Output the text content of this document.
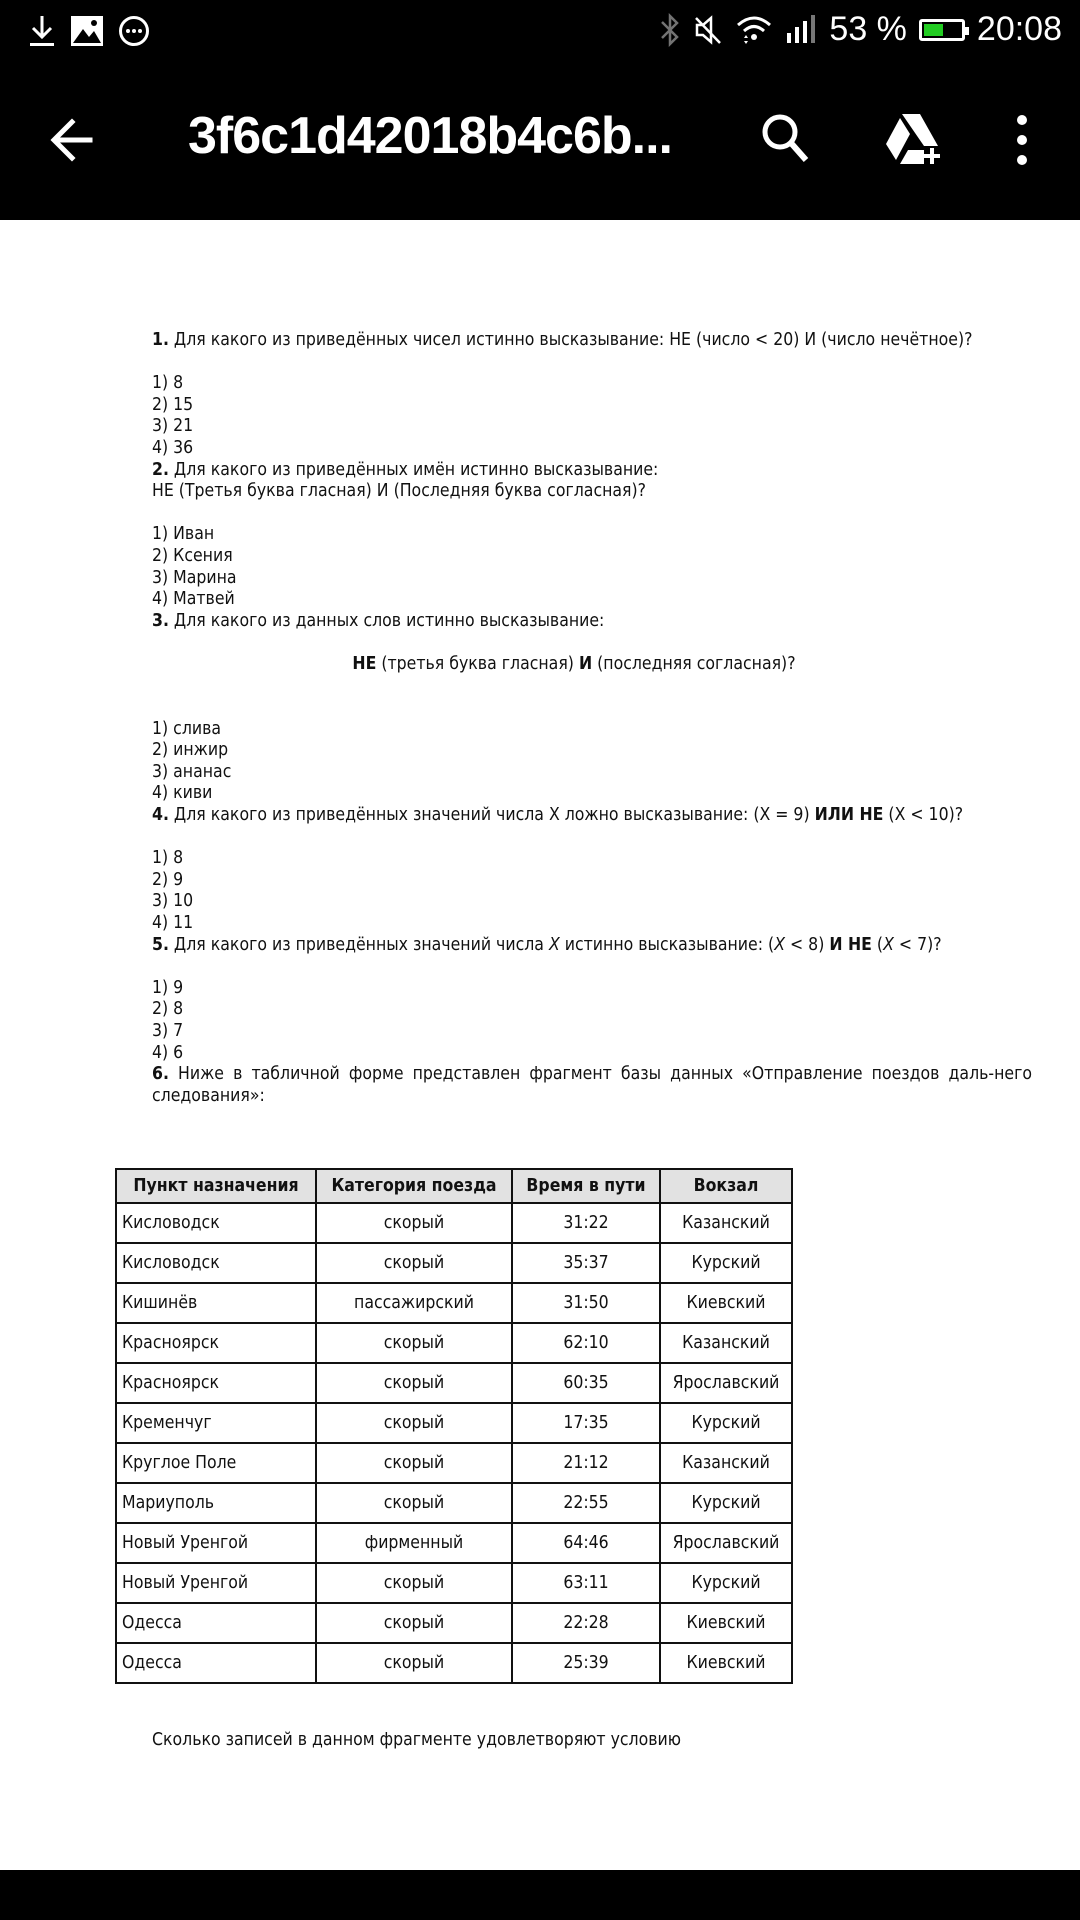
53 % 20:08
3f6c1d42018b4c6b...

1. Для какого из приведённых чисел истинно высказывание: НЕ (число < 20) И (число нечётное)?

1) 8

2) 15

3) 21

4) 36

2. Для какого из приведённых имён истинно высказывание:

НЕ (Третья буква гласная) И (Последняя буква согласная)?

1) Иван

2) Ксения

3) Марина

4) Матвей

3. Для какого из данных слов истинно высказывание:

НЕ (третья буква гласная) И (последняя согласная)?

1) слива

2) инжир

3) ананас

4) киви

4. Для какого из приведённых значений числа X ложно высказывание: (X = 9) ИЛИ НЕ (X < 10)?

1) 8

2) 9

3) 10

4) 11

5. Для какого из приведённых значений числа X истинно высказывание: (X < 8) И НЕ (X < 7)?

1) 9

2) 8

3) 7

4) 6

6. Ниже в табличной форме представлен фрагмент базы данных «Отправление поездов даль-него следования»:

Пункт назначения	Категория поезда	Время в пути	Вокзал
Кисловодск	скорый	31:22	Казанский
Кисловодск	скорый	35:37	Курский
Кишинёв	пассажирский	31:50	Киевский
Красноярск	скорый	62:10	Казанский
Красноярск	скорый	60:35	Ярославский
Кременчуг	скорый	17:35	Курский
Круглое Поле	скорый	21:12	Казанский
Мариуполь	скорый	22:55	Курский
Новый Уренгой	фирменный	64:46	Ярославский
Новый Уренгой	скорый	63:11	Курский
Одесса	скорый	22:28	Киевский
Одесса	скорый	25:39	Киевский
Сколько записей в данном фрагменте удовлетворяют условию
